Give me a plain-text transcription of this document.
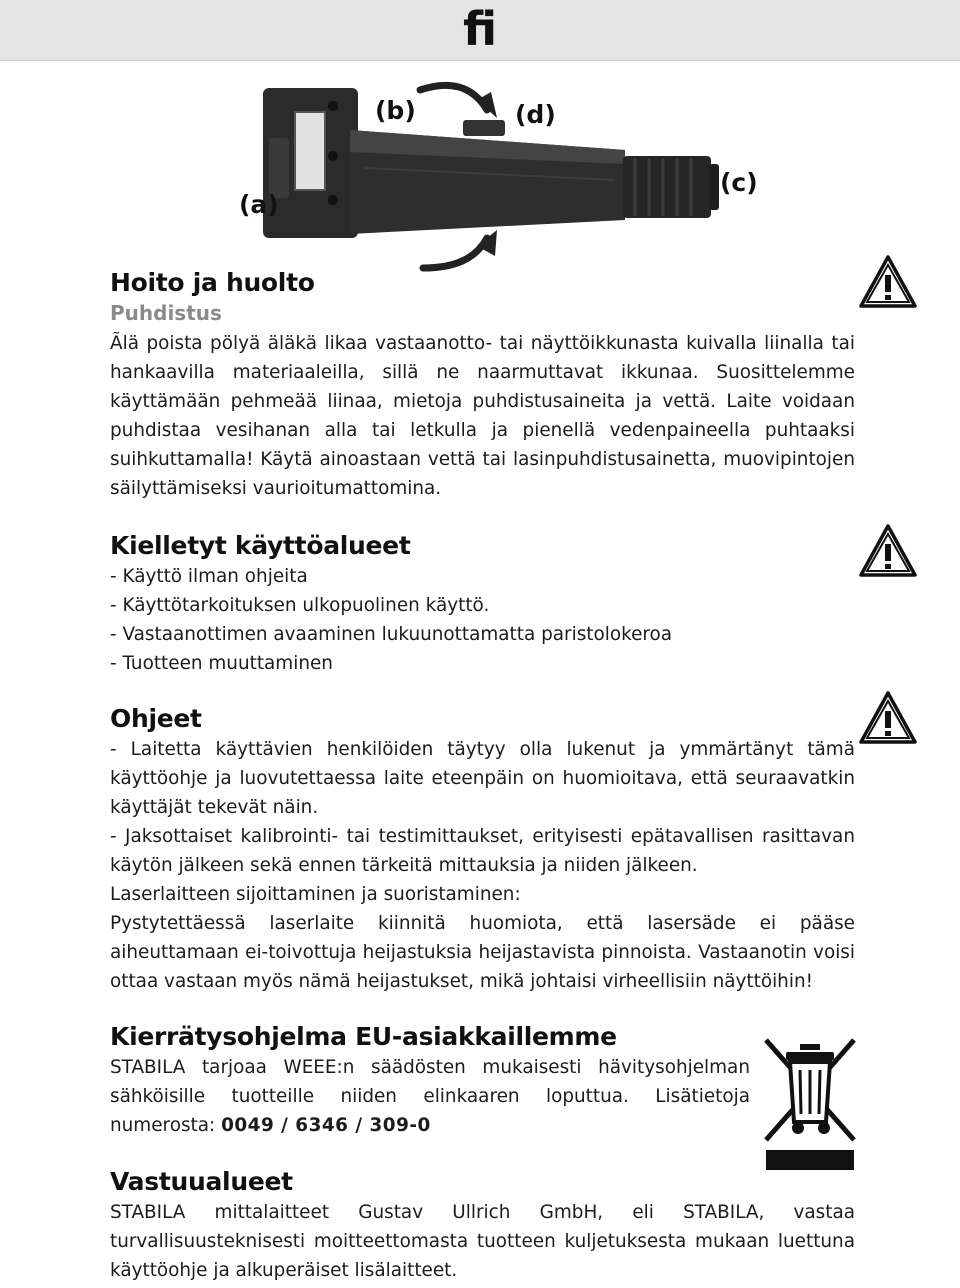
fi
(a)
(b)	(d)
(c)
Hoito ja huolto
Puhdistus

Ãlä poista pölyä äläkä likaa vastaanotto- tai näyttöikkunasta kuivalla liinalla tai hankaavilla materiaaleilla, sillä ne naarmuttavat ikkunaa. Suosittelemme käyttämään pehmeää liinaa, mietoja puhdistusaineita ja vettä. Laite voidaan puhdistaa vesihanan alla tai letkulla ja pienellä vedenpaineella puhtaaksi suihkuttamalla! Käytä ainoastaan vettä tai lasinpuhdistusainetta, muovipintojen säilyttämiseksi vaurioitumattomina.

Kielletyt käyttöalueet
- Käyttö ilman ohjeita
- Käyttötarkoituksen ulkopuolinen käyttö.
- Vastaanottimen avaaminen lukuunottamatta paristolokeroa
- Tuotteen muuttaminen
Ohjeet

- Laitetta käyttävien henkilöiden täytyy olla lukenut ja ymmärtänyt tämä käyttöohje ja luovutettaessa laite eteenpäin on huomioitava, että seuraavatkin käyttäjät tekevät näin.

- Jaksottaiset kalibrointi- tai testimittaukset, erityisesti epätavallisen rasittavan käytön jälkeen sekä ennen tärkeitä mittauksia ja niiden jälkeen.

Laserlaitteen sijoittaminen ja suoristaminen:

Pystytettäessä laserlaite kiinnitä huomiota, että lasersäde ei pääse aiheuttamaan ei-toivottuja heijastuksia heijastavista pinnoista. Vastaanotin voisi ottaa vastaan myös nämä heijastukset, mikä johtaisi virheellisiin näyttöihin!

Kierrätysohjelma EU-asiakkaillemme

STABILA tarjoaa WEEE:n säädösten mukaisesti hävitysohjelman sähköisille tuotteille niiden elinkaaren loputtua. Lisätietoja numerosta: 0049 / 6346 / 309-0

Vastuualueet

STABILA mittalaitteet Gustav Ullrich GmbH, eli STABILA, vastaa turvallisuusteknisesti moitteettomasta tuotteen kuljetuksesta mukaan luettuna käyttöohje ja alkuperäiset lisälaitteet.
